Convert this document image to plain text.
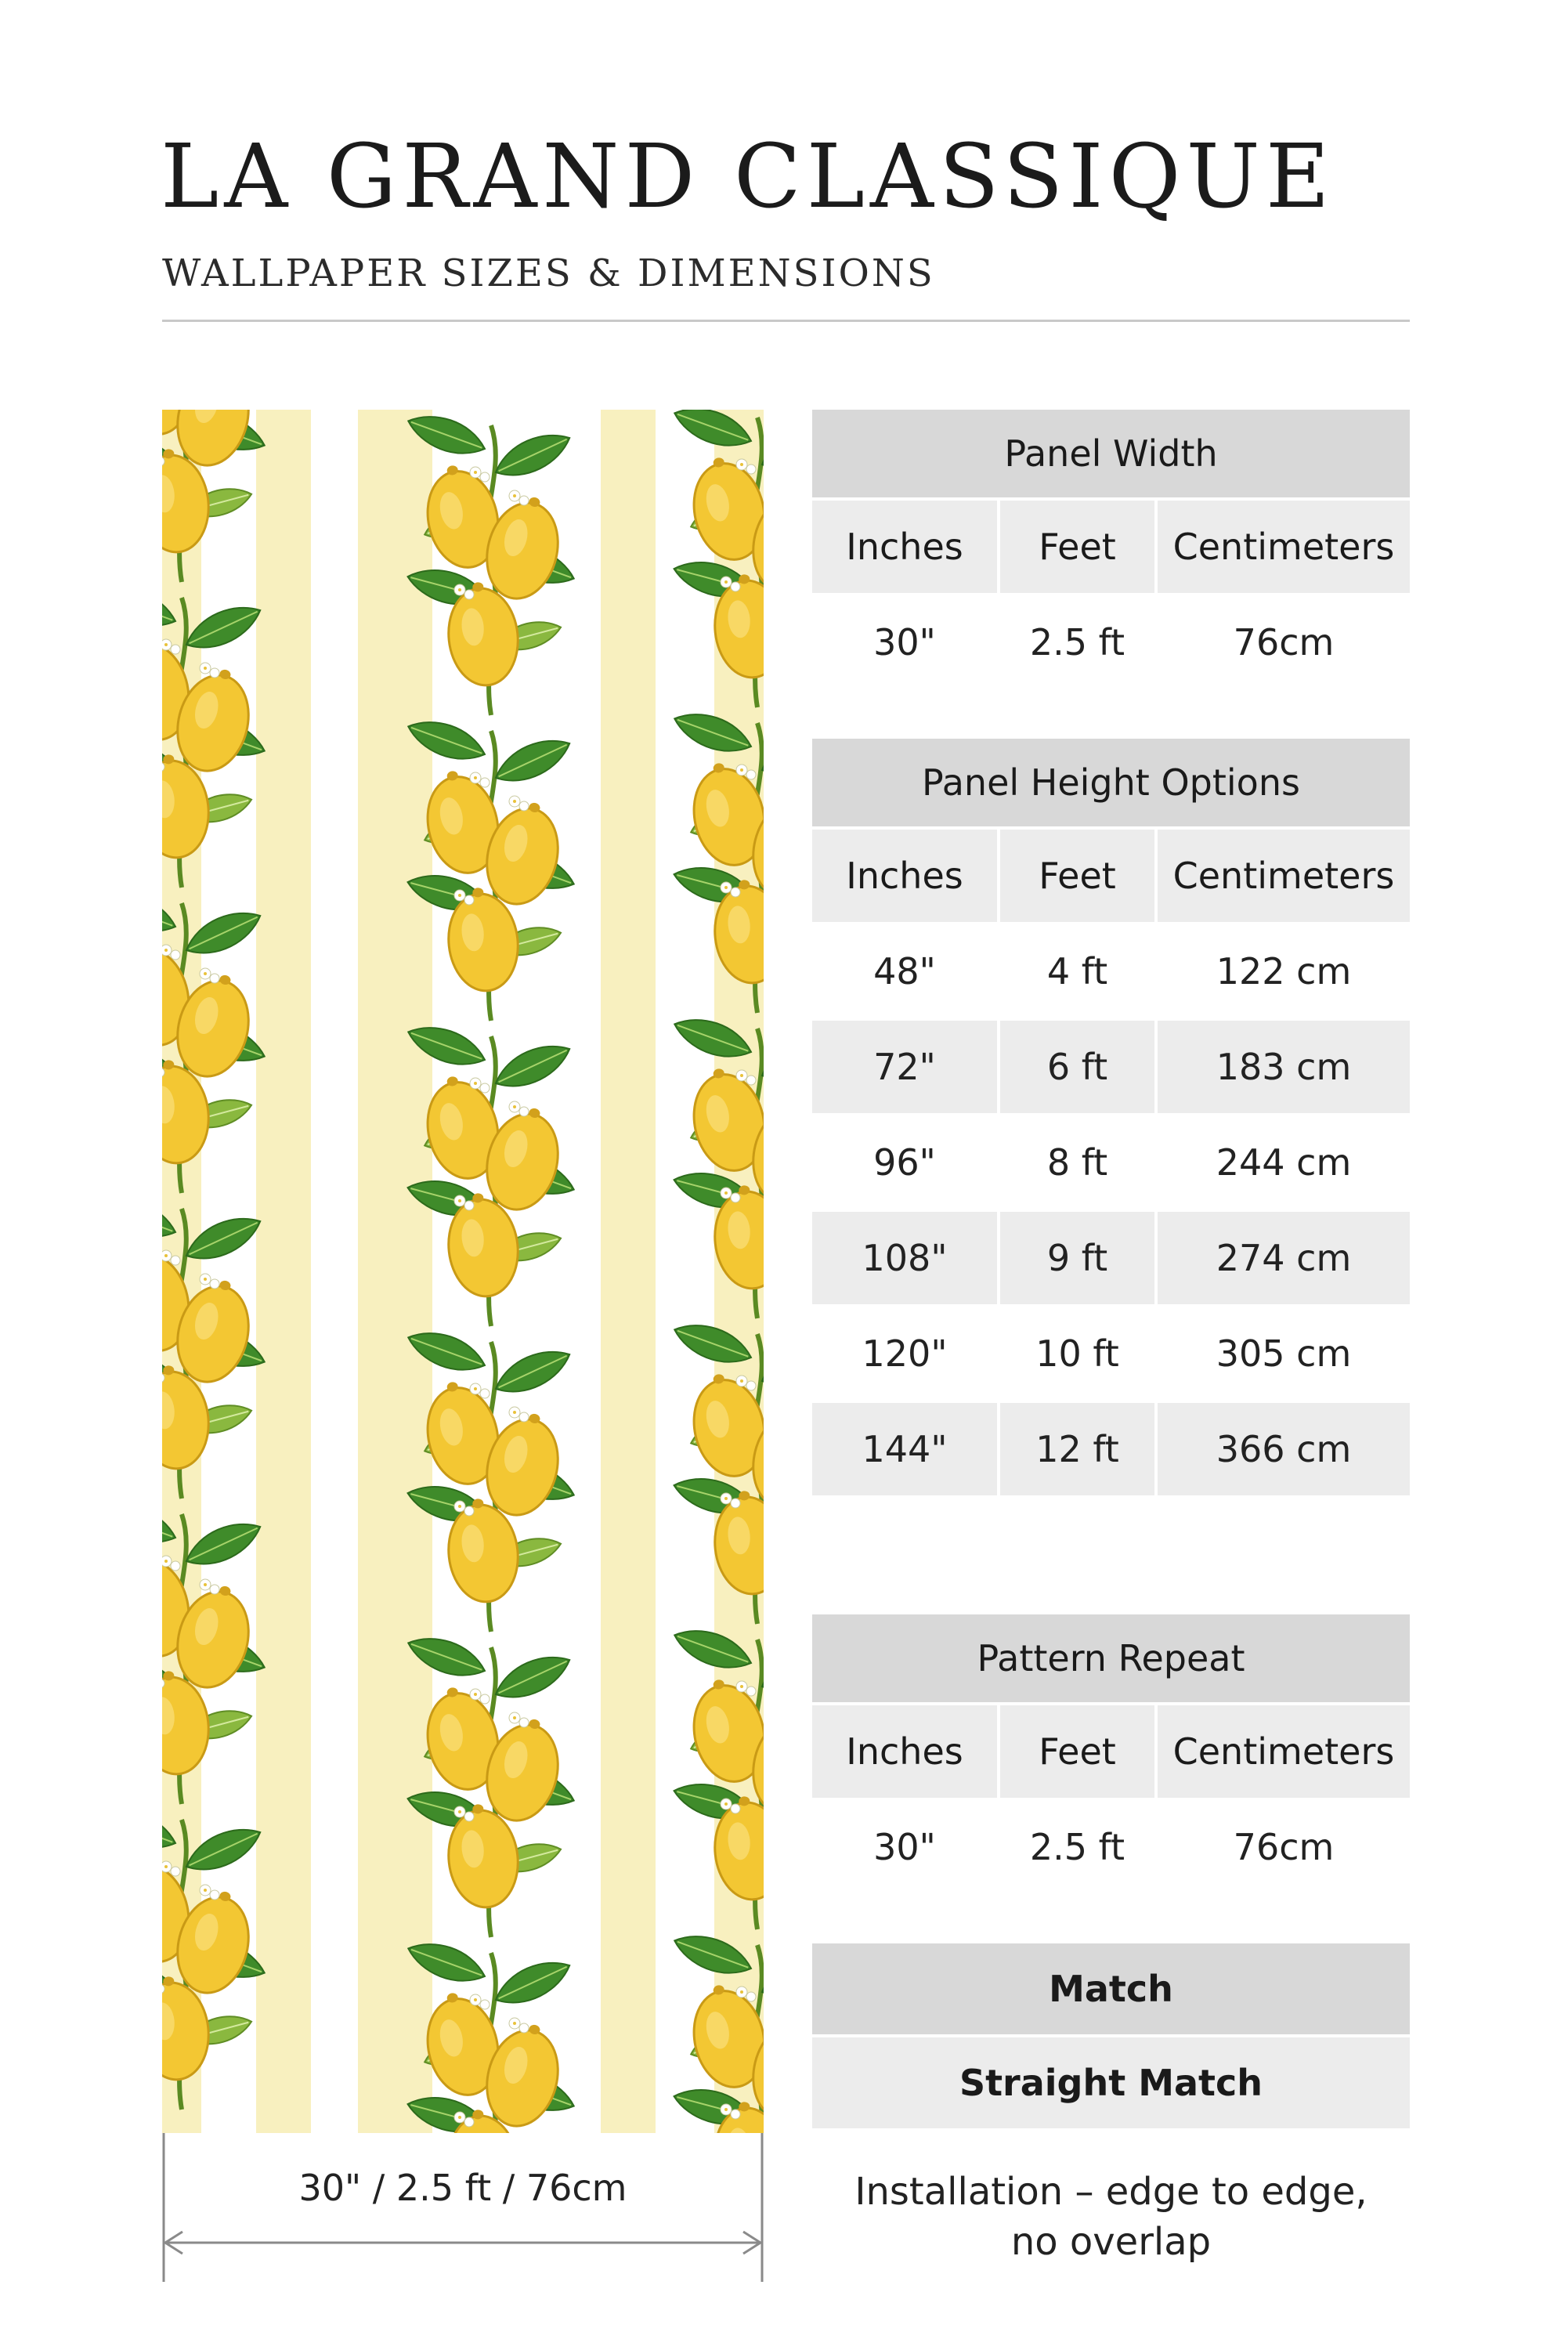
LA GRAND CLASSIQUE

WALLPAPER SIZES & DIMENSIONS

30" / 2.5 ft / 76cm
Panel Width
Inches	Feet	Centimeters
30"	2.5 ft	76cm
Panel Height Options
Inches	Feet	Centimeters
48"	4 ft	122 cm
72"	6 ft	183 cm
96"	8 ft	244 cm
108"	9 ft	274 cm
120"	10 ft	305 cm
144"	12 ft	366 cm
Pattern Repeat
Inches	Feet	Centimeters
30"	2.5 ft	76cm
Match
Straight Match
Installation – edge to edge,
no overlap
